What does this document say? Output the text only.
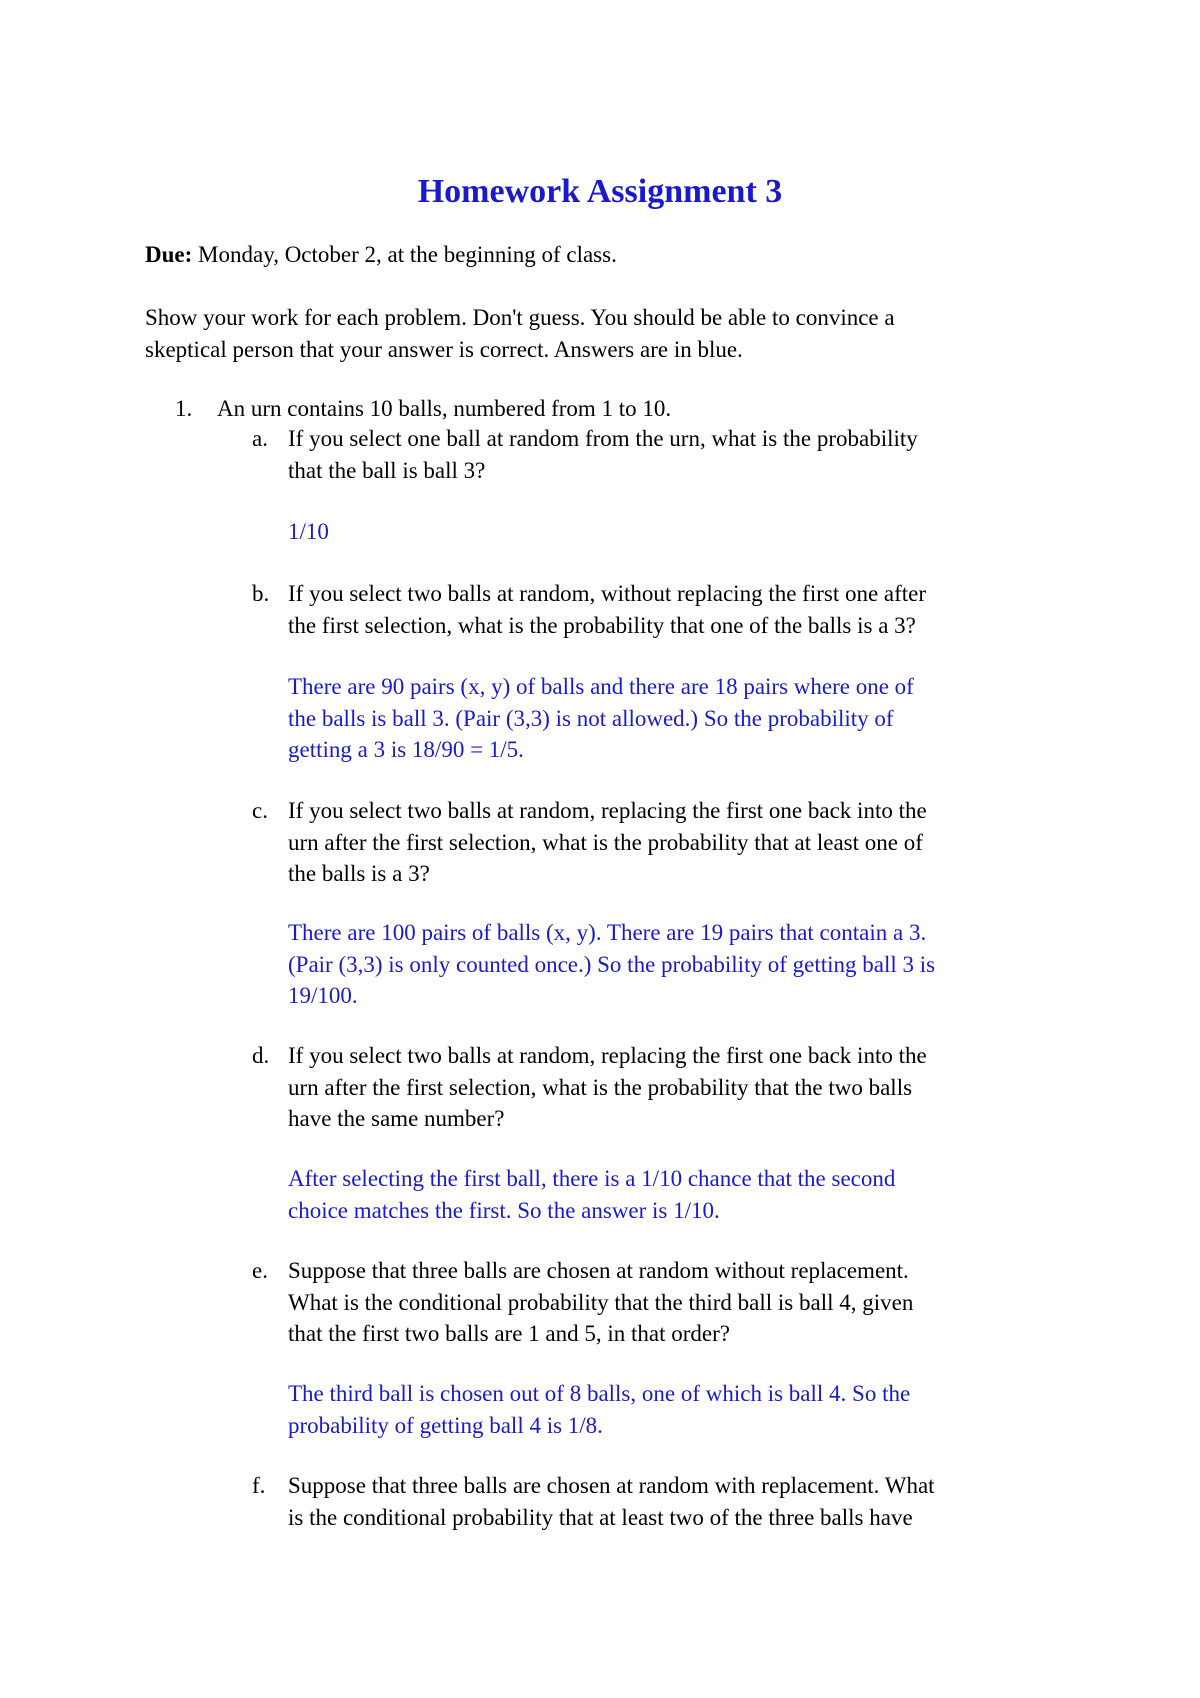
Homework Assignment 3
Due: Monday, October 2, at the beginning of class.

Show your work for each problem. Don't guess. You should be able to convince a

skeptical person that your answer is correct. Answers are in blue.

1. An urn contains 10 balls, numbered from 1 to 10.
a. If you select one ball at random from the urn, what is the probability

that the ball is ball 3?

1/10

b. If you select two balls at random, without replacing the first one after

the first selection, what is the probability that one of the balls is a 3?

There are 90 pairs (x, y) of balls and there are 18 pairs where one of

the balls is ball 3. (Pair (3,3) is not allowed.) So the probability of

getting a 3 is 18/90 = 1/5.

c. If you select two balls at random, replacing the first one back into the

urn after the first selection, what is the probability that at least one of

the balls is a 3?

There are 100 pairs of balls (x, y). There are 19 pairs that contain a 3.

(Pair (3,3) is only counted once.) So the probability of getting ball 3 is

19/100.

d. If you select two balls at random, replacing the first one back into the

urn after the first selection, what is the probability that the two balls

have the same number?

After selecting the first ball, there is a 1/10 chance that the second

choice matches the first. So the answer is 1/10.

e. Suppose that three balls are chosen at random without replacement.

What is the conditional probability that the third ball is ball 4, given

that the first two balls are 1 and 5, in that order?

The third ball is chosen out of 8 balls, one of which is ball 4. So the

probability of getting ball 4 is 1/8.

f. Suppose that three balls are chosen at random with replacement. What

is the conditional probability that at least two of the three balls have
